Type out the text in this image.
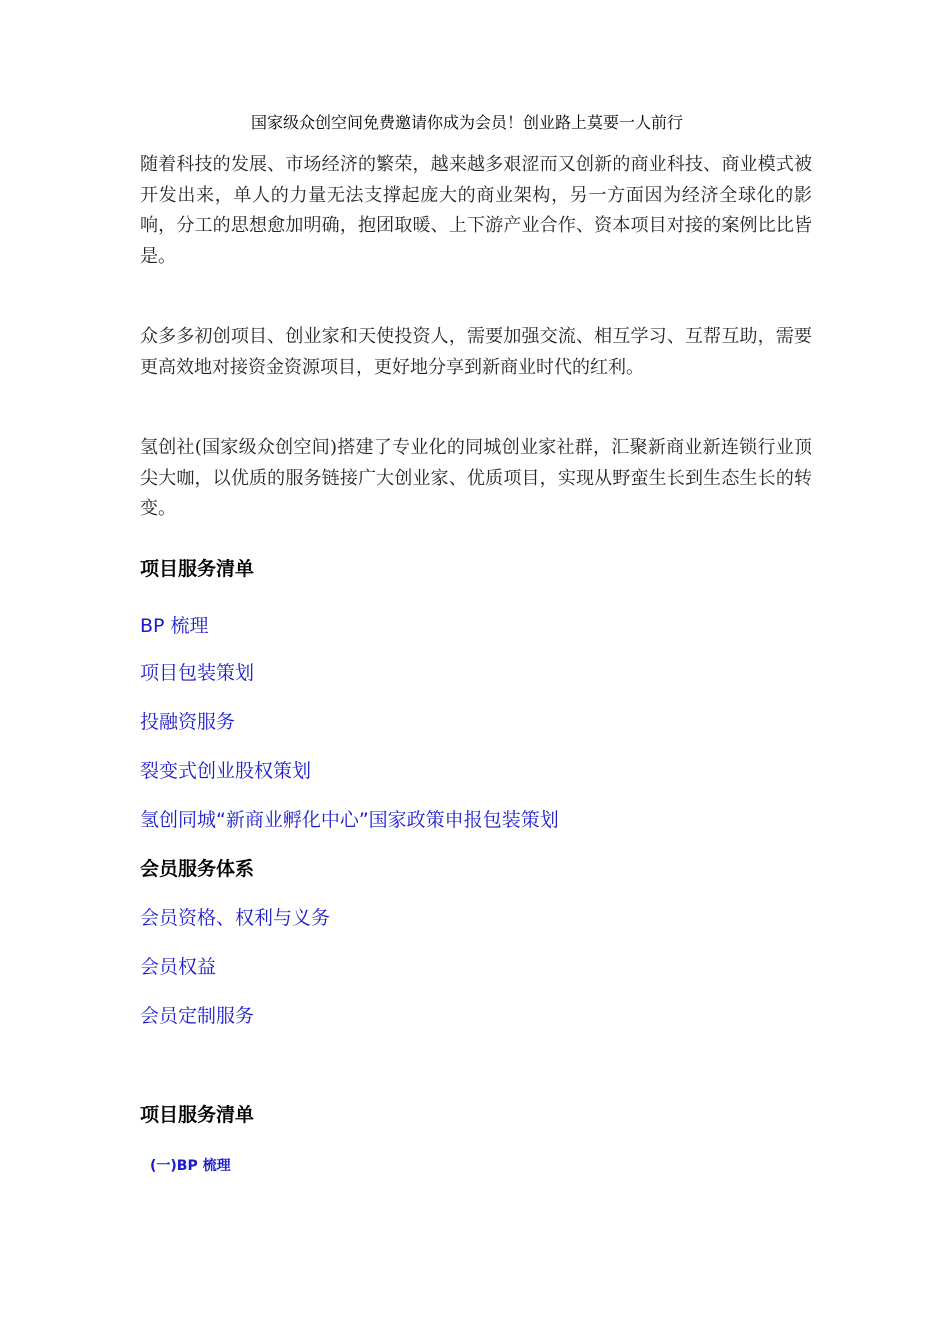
国家级众创空间免费邀请你成为会员！创业路上莫要一人前行

随着科技的发展、市场经济的繁荣，越来越多艰涩而又创新的商业科技、商业模式被开发出来，单人的力量无法支撑起庞大的商业架构，另一方面因为经济全球化的影响，分工的思想愈加明确，抱团取暖、上下游产业合作、资本项目对接的案例比比皆是。

众多多初创项目、创业家和天使投资人，需要加强交流、相互学习、互帮互助，需要更高效地对接资金资源项目，更好地分享到新商业时代的红利。

氢创社(国家级众创空间)搭建了专业化的同城创业家社群，汇聚新商业新连锁行业顶尖大咖，以优质的服务链接广大创业家、优质项目，实现从野蛮生长到生态生长的转变。

项目服务清单
BP 梳理
项目包装策划
投融资服务
裂变式创业股权策划
氢创同城“新商业孵化中心”国家政策申报包装策划
会员服务体系
会员资格、权利与义务
会员权益
会员定制服务
项目服务清单
(一)BP 梳理
